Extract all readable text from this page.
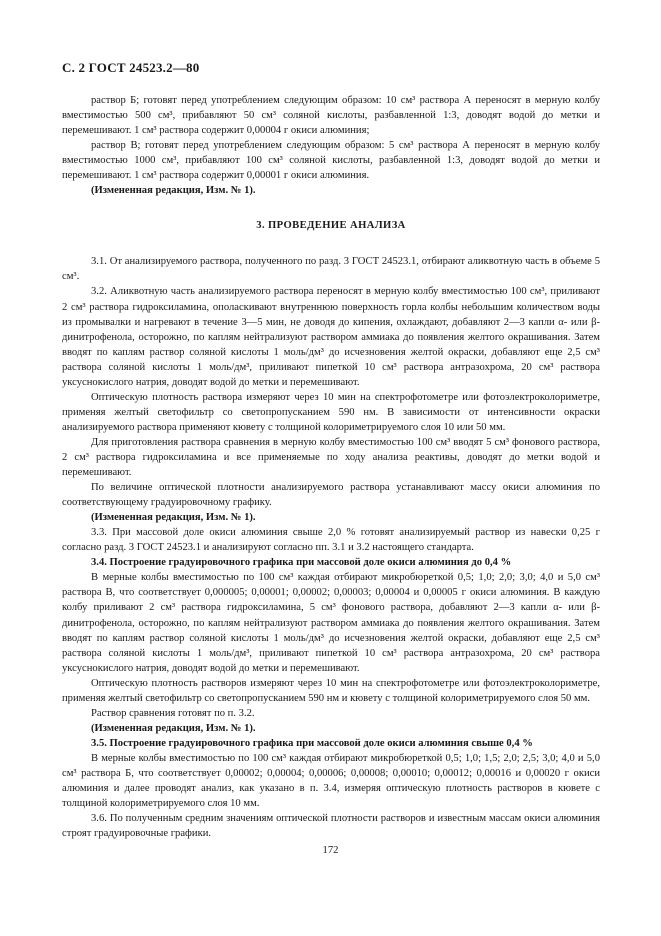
С. 2 ГОСТ 24523.2—80

раствор Б; готовят перед употреблением следующим образом: 10 см³ раствора А переносят в мерную колбу вместимостью 500 см³, прибавляют 50 см³ соляной кислоты, разбавленной 1:3, доводят водой до метки и перемешивают. 1 см³ раствора содержит 0,00004 г окиси алюминия;

раствор В; готовят перед употреблением следующим образом: 5 см³ раствора А переносят в мерную колбу вместимостью 1000 см³, прибавляют 100 см³ соляной кислоты, разбавленной 1:3, доводят водой до метки и перемешивают. 1 см³ раствора содержит 0,00001 г окиси алюминия.

(Измененная редакция, Изм. № 1).

3. ПРОВЕДЕНИЕ АНАЛИЗА

3.1. От анализируемого раствора, полученного по разд. 3 ГОСТ 24523.1, отбирают аликвотную часть в объеме 5 см³.

3.2. Аликвотную часть анализируемого раствора переносят в мерную колбу вместимостью 100 см³, приливают 2 см³ раствора гидроксиламина, ополаскивают внутреннюю поверхность горла колбы небольшим количеством воды из промывалки и нагревают в течение 3—5 мин, не доводя до кипения, охлаждают, добавляют 2—3 капли α- или β-динитрофенола, осторожно, по каплям нейтрализуют раствором аммиака до появления желтого окрашивания. Затем вводят по каплям раствор соляной кислоты 1 моль/дм³ до исчезновения желтой окраски, добавляют еще 2,5 см³ раствора соляной кислоты 1 моль/дм³, приливают пипеткой 10 см³ раствора антразохрома, 20 см³ раствора уксуснокислого натрия, доводят водой до метки и перемешивают.

Оптическую плотность раствора измеряют через 10 мин на спектрофотометре или фотоэлектроколориметре, применяя желтый светофильтр со светопропусканием 590 нм. В зависимости от интенсивности окраски анализируемого раствора применяют кювету с толщиной колориметрируемого слоя 10 или 50 мм.

Для приготовления раствора сравнения в мерную колбу вместимостью 100 см³ вводят 5 см³ фонового раствора, 2 см³ раствора гидроксиламина и все применяемые по ходу анализа реактивы, доводят до метки водой и перемешивают.

По величине оптической плотности анализируемого раствора устанавливают массу окиси алюминия по соответствующему градуировочному графику.

(Измененная редакция, Изм. № 1).

3.3. При массовой доле окиси алюминия свыше 2,0 % готовят анализируемый раствор из навески 0,25 г согласно разд. 3 ГОСТ 24523.1 и анализируют согласно пп. 3.1 и 3.2 настоящего стандарта.

3.4. Построение градуировочного графика при массовой доле окиси алюминия до 0,4 %

В мерные колбы вместимостью по 100 см³ каждая отбирают микробюреткой 0,5; 1,0; 2,0; 3,0; 4,0 и 5,0 см³ раствора В, что соответствует 0,000005; 0,00001; 0,00002; 0,00003; 0,00004 и 0,00005 г окиси алюминия. В каждую колбу приливают 2 см³ раствора гидроксиламина, 5 см³ фонового раствора, добавляют 2—3 капли α- или β-динитрофенола, осторожно, по каплям нейтрализуют раствором аммиака до появления желтого окрашивания. Затем вводят по каплям раствор соляной кислоты 1 моль/дм³ до исчезновения желтой окраски, добавляют еще 2,5 см³ раствора соляной кислоты 1 моль/дм³, приливают пипеткой 10 см³ раствора антразохрома, 20 см³ раствора уксуснокислого натрия, доводят водой до метки и перемешивают.

Оптическую плотность растворов измеряют через 10 мин на спектрофотометре или фотоэлектроколориметре, применяя желтый светофильтр со светопропусканием 590 нм и кювету с толщиной колориметрируемого слоя 50 мм.

Раствор сравнения готовят по п. 3.2.

(Измененная редакция, Изм. № 1).

3.5. Построение градуировочного графика при массовой доле окиси алюминия свыше 0,4 %

В мерные колбы вместимостью по 100 см³ каждая отбирают микробюреткой 0,5; 1,0; 1,5; 2,0; 2,5; 3,0; 4,0 и 5,0 см³ раствора Б, что соответствует 0,00002; 0,00004; 0,00006; 0,00008; 0,00010; 0,00012; 0,00016 и 0,00020 г окиси алюминия и далее проводят анализ, как указано в п. 3.4, измеряя оптическую плотность растворов в кювете с толщиной колориметрируемого слоя 10 мм.

3.6. По полученным средним значениям оптической плотности растворов и известным массам окиси алюминия строят градуировочные графики.

172
